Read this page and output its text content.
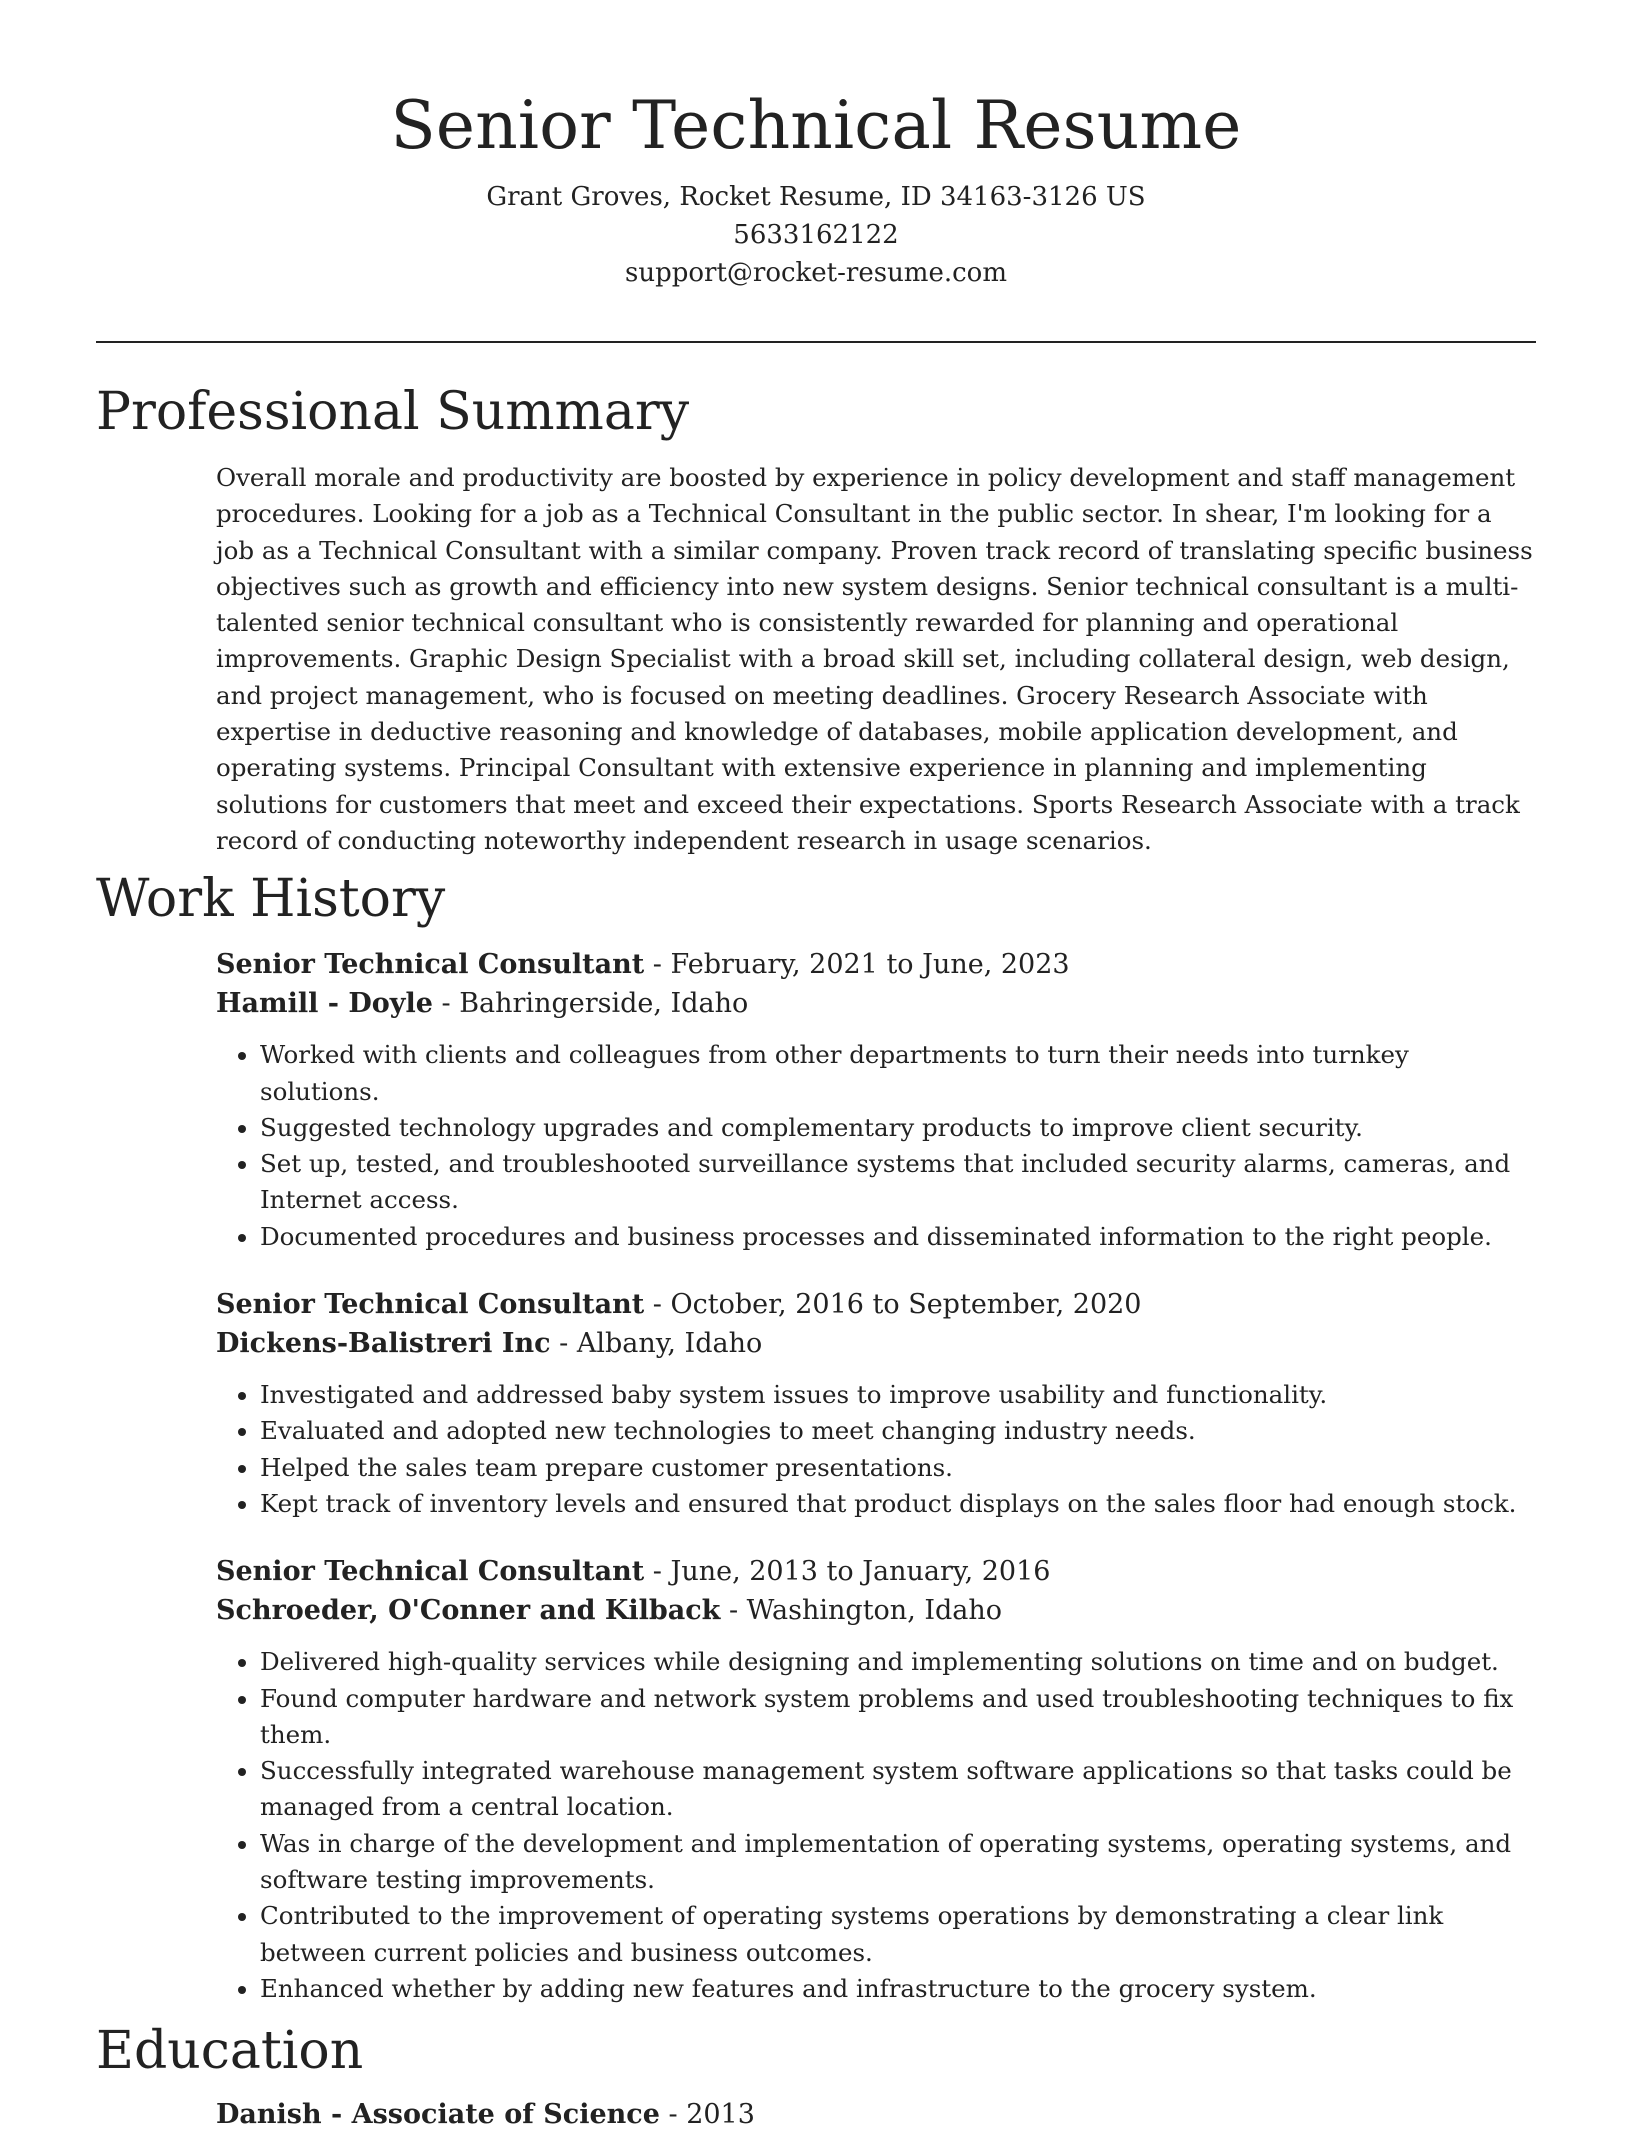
Senior Technical Resume
Grant Groves, Rocket Resume, ID 34163-3126 US
5633162122
support@rocket-resume.com
Professional Summary

Overall morale and productivity are boosted by experience in policy development and staff management procedures. Looking for a job as a Technical Consultant in the public sector. In shear, I'm looking for a job as a Technical Consultant with a similar company. Proven track record of translating specific business objectives such as growth and efficiency into new system designs. Senior technical consultant is a multi-talented senior technical consultant who is consistently rewarded for planning and operational improvements. Graphic Design Specialist with a broad skill set, including collateral design, web design, and project management, who is focused on meeting deadlines. Grocery Research Associate with expertise in deductive reasoning and knowledge of databases, mobile application development, and operating systems. Principal Consultant with extensive experience in planning and implementing solutions for customers that meet and exceed their expectations. Sports Research Associate with a track record of conducting noteworthy independent research in usage scenarios.

Work History
Senior Technical Consultant - February, 2021 to June, 2023
Hamill - Doyle - Bahringerside, Idaho
• Worked with clients and colleagues from other departments to turn their needs into turnkey solutions.
• Suggested technology upgrades and complementary products to improve client security.
• Set up, tested, and troubleshooted surveillance systems that included security alarms, cameras, and Internet access.
• Documented procedures and business processes and disseminated information to the right people.
Senior Technical Consultant - October, 2016 to September, 2020
Dickens-Balistreri Inc - Albany, Idaho
• Investigated and addressed baby system issues to improve usability and functionality.
• Evaluated and adopted new technologies to meet changing industry needs.
• Helped the sales team prepare customer presentations.
• Kept track of inventory levels and ensured that product displays on the sales floor had enough stock.
Senior Technical Consultant - June, 2013 to January, 2016
Schroeder, O'Conner and Kilback - Washington, Idaho
• Delivered high-quality services while designing and implementing solutions on time and on budget.
• Found computer hardware and network system problems and used troubleshooting techniques to fix them.
• Successfully integrated warehouse management system software applications so that tasks could be managed from a central location.
• Was in charge of the development and implementation of operating systems, operating systems, and software testing improvements.
• Contributed to the improvement of operating systems operations by demonstrating a clear link between current policies and business outcomes.
• Enhanced whether by adding new features and infrastructure to the grocery system.
Education
Danish - Associate of Science - 2013
